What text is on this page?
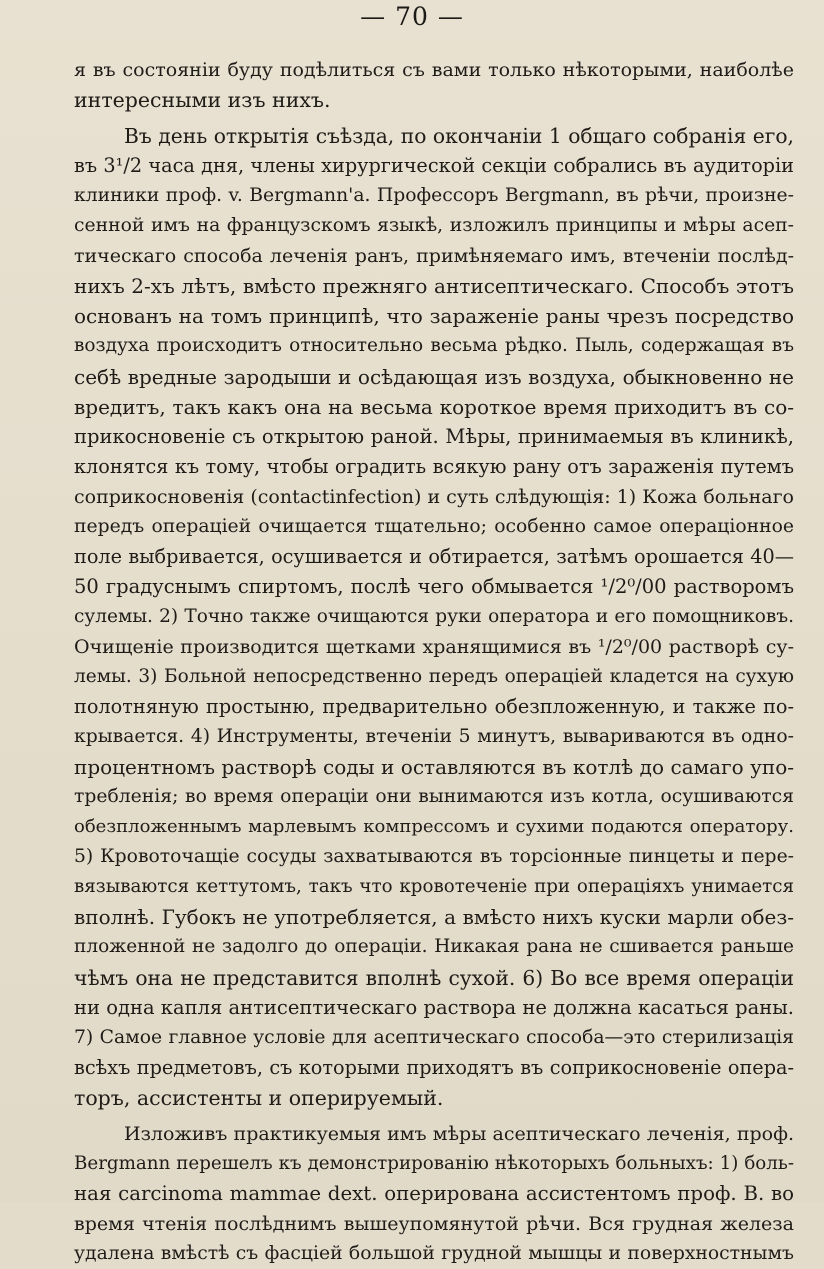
— 70 —
я въ состояніи буду подѣлиться съ вами только нѣкоторыми, наиболѣе
интересными изъ нихъ.
Въ день открытія съѣзда, по окончаніи 1 общаго собранія его,
въ 3¹/2 часа дня, члены хирургической секціи собрались въ аудиторіи
клиники проф. v. Bergmann'а. Профессоръ Bergmann, въ рѣчи, произне-
сенной имъ на французскомъ языкѣ, изложилъ принципы и мѣры асеп-
тическаго способа леченія ранъ, примѣняемаго имъ, втеченіи послѣд-
нихъ 2-хъ лѣтъ, вмѣсто прежняго антисептическаго. Способъ этотъ
основанъ на томъ принципѣ, что зараженіе раны чрезъ посредство
воздуха происходитъ относительно весьма рѣдко. Пыль, содержащая въ
себѣ вредные зародыши и осѣдающая изъ воздуха, обыкновенно не
вредитъ, такъ какъ она на весьма короткое время приходитъ въ со-
прикосновеніе съ открытою раной. Мѣры, принимаемыя въ клиникѣ,
клонятся къ тому, чтобы оградить всякую рану отъ зараженія путемъ
соприкосновенія (contactinfection) и суть слѣдующія: 1) Кожа больнаго
передъ операціей очищается тщательно; особенно самое операціонное
поле выбривается, осушивается и обтирается, затѣмъ орошается 40—
50 градуснымъ спиртомъ, послѣ чего обмывается ¹/2⁰/00 растворомъ
сулемы. 2) Точно также очищаются руки оператора и его помощниковъ.
Очищеніе производится щетками хранящимися въ ¹/2⁰/00 растворѣ су-
лемы. 3) Больной непосредственно передъ операціей кладется на сухую
полотняную простыню, предварительно обезпложенную, и также по-
крывается. 4) Инструменты, втеченіи 5 минутъ, вывариваются въ одно-
процентномъ растворѣ соды и оставляются въ котлѣ до самаго упо-
требленія; во время операціи они вынимаются изъ котла, осушиваются
обезпложеннымъ марлевымъ компрессомъ и сухими подаются оператору.
5) Кровоточащіе сосуды захватываются въ торсіонные пинцеты и пере-
вязываются кеттутомъ, такъ что кровотеченіе при операціяхъ унимается
вполнѣ. Губокъ не употребляется, а вмѣсто нихъ куски марли обез-
пложенной не задолго до операціи. Никакая рана не сшивается раньше
чѣмъ она не представится вполнѣ сухой. 6) Во все время операціи
ни одна капля антисептическаго раствора не должна касаться раны.
7) Самое главное условіе для асептическаго способа—это стерилизація
всѣхъ предметовъ, съ которыми приходятъ въ соприкосновеніе опера-
торъ, ассистенты и оперируемый.
Изложивъ практикуемыя имъ мѣры асептическаго леченія, проф.
Bergmann перешелъ къ демонстрированію нѣкоторыхъ больныхъ: 1) боль-
ная carcinoma mammae dext. оперирована ассистентомъ проф. B. во
время чтенія послѣднимъ вышеупомянутой рѣчи. Вся грудная железа
удалена вмѣстѣ съ фасціей большой грудной мышцы и поверхностнымъ
